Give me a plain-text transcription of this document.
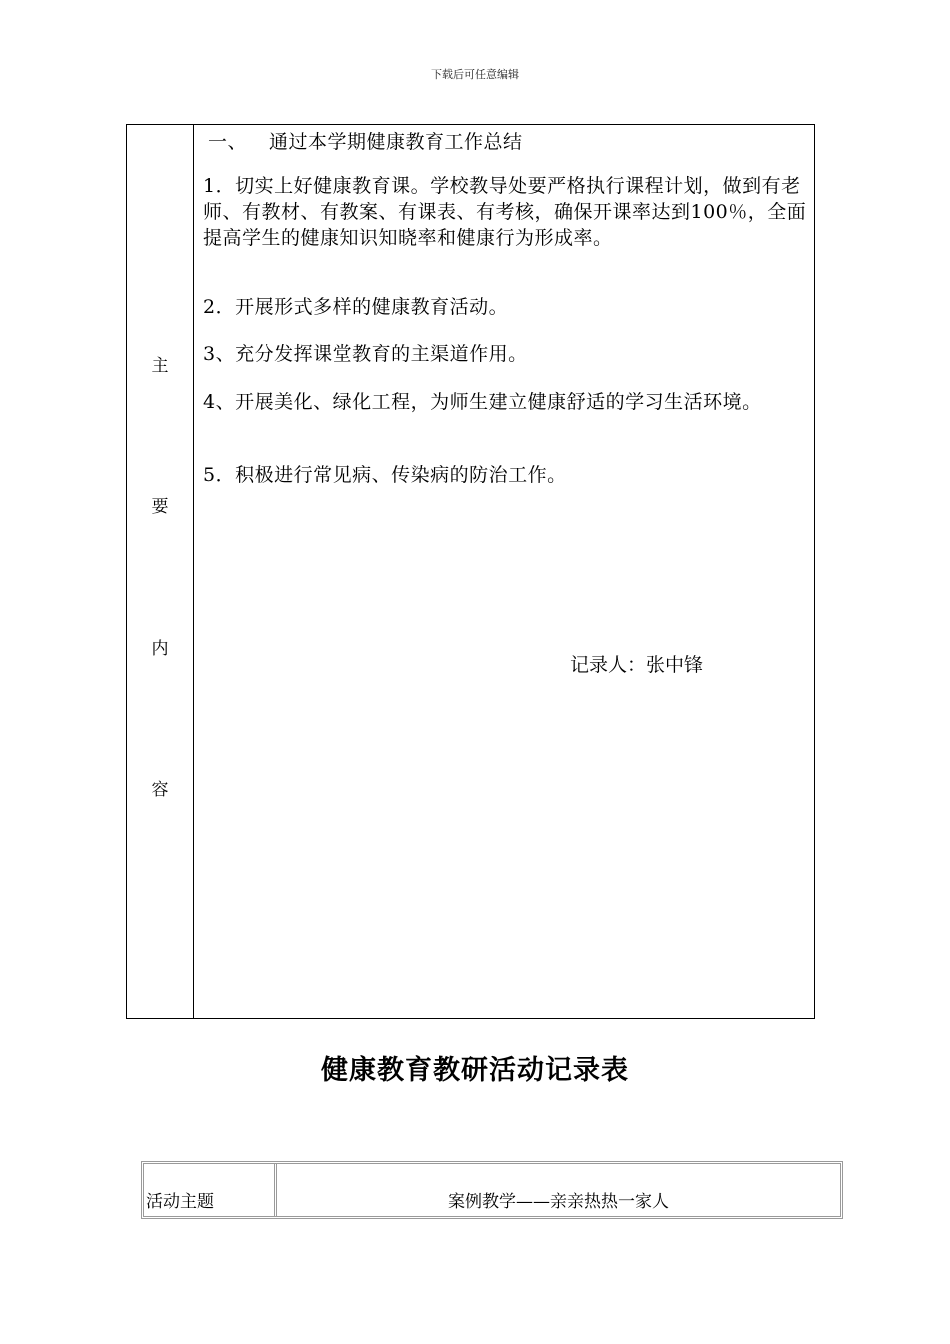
下载后可任意编辑
主
要
内
容
一、 通过本学期健康教育工作总结
1．切实上好健康教育课。学校教导处要严格执行课程计划，做到有老师、有教材、有教案、有课表、有考核，确保开课率达到100％，全面提高学生的健康知识知晓率和健康行为形成率。
2．开展形式多样的健康教育活动。
3、充分发挥课堂教育的主渠道作用。
4、开展美化、绿化工程，为师生建立健康舒适的学习生活环境。
5．积极进行常见病、传染病的防治工作。
记录人：张中锋
健康教育教研活动记录表
活动主题	案例教学——亲亲热热一家人
